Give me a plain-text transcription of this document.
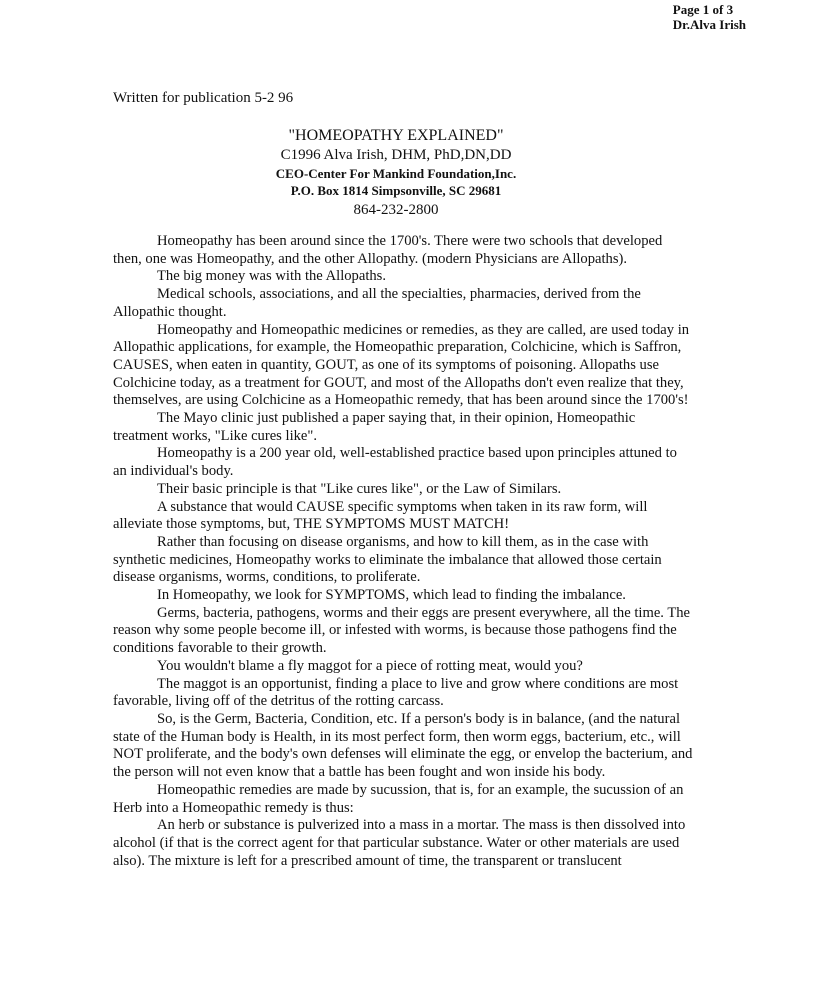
Page 1 of 3
Dr.Alva Irish
Written for publication 5-2 96
"HOMEOPATHY EXPLAINED"
C1996 Alva Irish, DHM, PhD,DN,DD
CEO-Center For Mankind Foundation,Inc.
P.O. Box 1814 Simpsonville, SC 29681
864-232-2800

Homeopathy has been around since the 1700's. There were two schools that developed then, one was Homeopathy, and the other Allopathy. (modern Physicians are Allopaths).

The big money was with the Allopaths.

Medical schools, associations, and all the specialties, pharmacies, derived from the Allopathic thought.

Homeopathy and Homeopathic medicines or remedies, as they are called, are used today in Allopathic applications, for example, the Homeopathic preparation, Colchicine, which is Saffron, CAUSES, when eaten in quantity, GOUT, as one of its symptoms of poisoning. Allopaths use Colchicine today, as a treatment for GOUT, and most of the Allopaths don't even realize that they, themselves, are using Colchicine as a Homeopathic remedy, that has been around since the 1700's!

The Mayo clinic just published a paper saying that, in their opinion, Homeopathic treatment works, "Like cures like".

Homeopathy is a 200 year old, well-established practice based upon principles attuned to an individual's body.

Their basic principle is that "Like cures like", or the Law of Similars.

A substance that would CAUSE specific symptoms when taken in its raw form, will alleviate those symptoms, but, THE SYMPTOMS MUST MATCH!

Rather than focusing on disease organisms, and how to kill them, as in the case with synthetic medicines, Homeopathy works to eliminate the imbalance that allowed those certain disease organisms, worms, conditions, to proliferate.

In Homeopathy, we look for SYMPTOMS, which lead to finding the imbalance.

Germs, bacteria, pathogens, worms and their eggs are present everywhere, all the time. The reason why some people become ill, or infested with worms, is because those pathogens find the conditions favorable to their growth.

You wouldn't blame a fly maggot for a piece of rotting meat, would you?

The maggot is an opportunist, finding a place to live and grow where conditions are most favorable, living off of the detritus of the rotting carcass.

So, is the Germ, Bacteria, Condition, etc. If a person's body is in balance, (and the natural state of the Human body is Health, in its most perfect form, then worm eggs, bacterium, etc., will NOT proliferate, and the body's own defenses will eliminate the egg, or envelop the bacterium, and the person will not even know that a battle has been fought and won inside his body.

Homeopathic remedies are made by sucussion, that is, for an example, the sucussion of an Herb into a Homeopathic remedy is thus:

An herb or substance is pulverized into a mass in a mortar. The mass is then dissolved into alcohol (if that is the correct agent for that particular substance. Water or other materials are used also). The mixture is left for a prescribed amount of time, the transparent or translucent
